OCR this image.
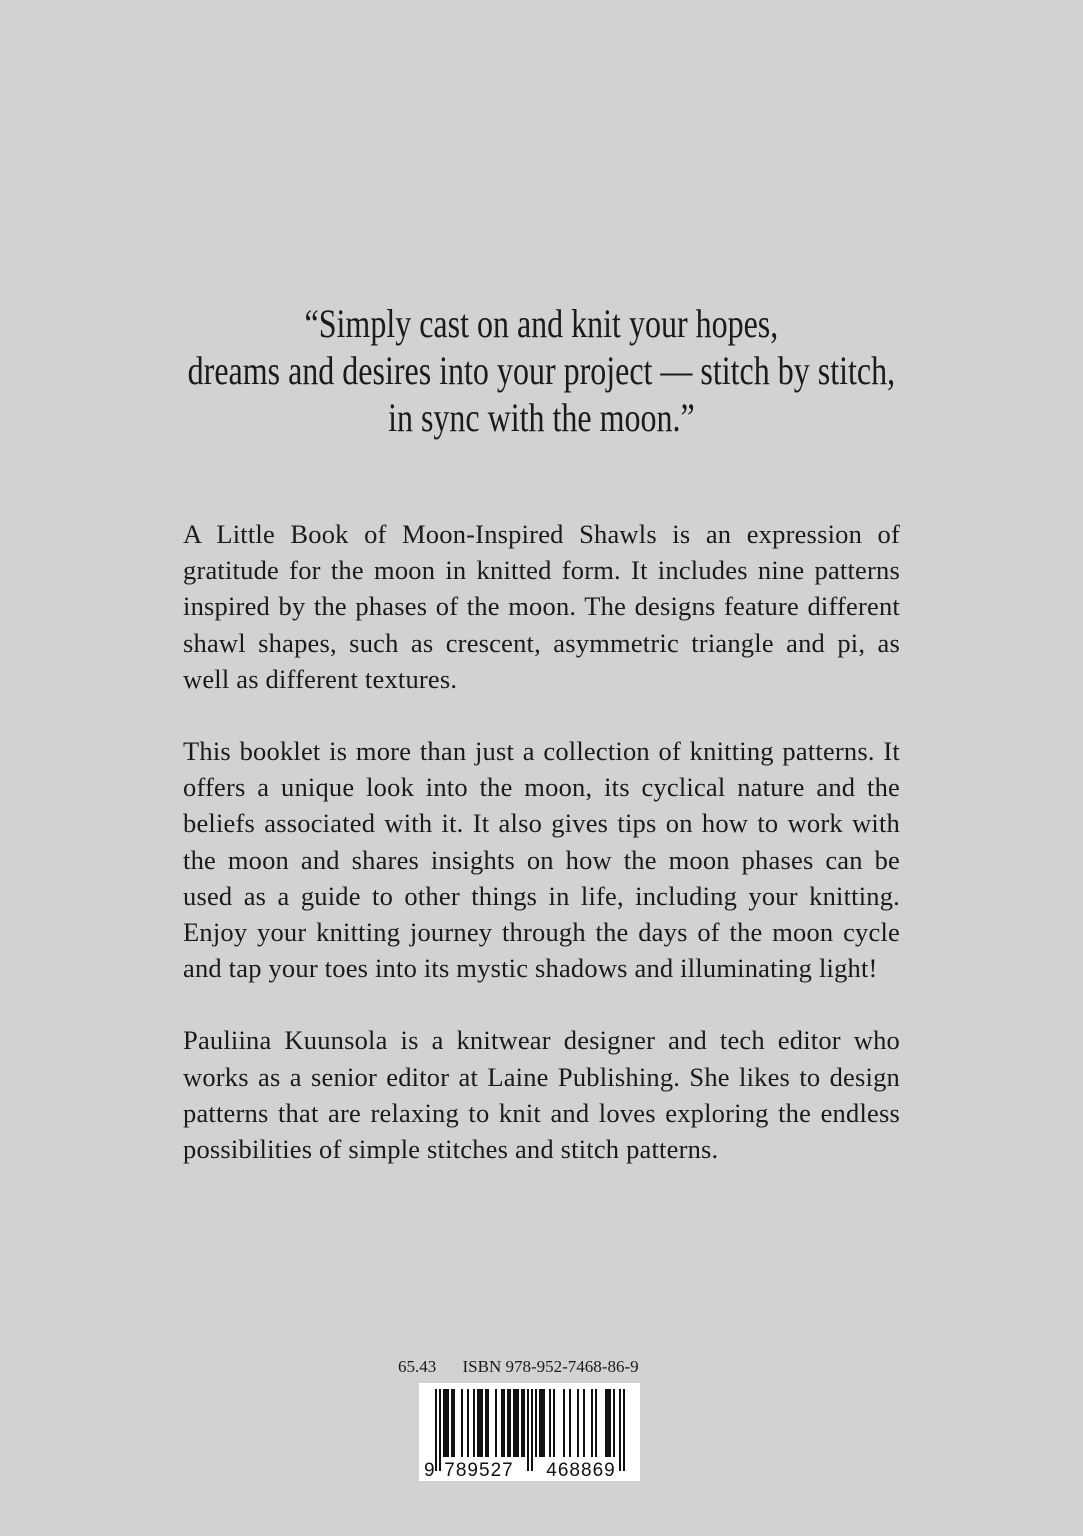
“Simply cast on and knit your hopes,
dreams and desires into your project — stitch by stitch,
in sync with the moon.”

A Little Book of Moon-Inspired Shawls is an expression of gratitude for the moon in knitted form. It includes nine patterns inspired by the phases of the moon. The designs feature different shawl shapes, such as crescent, asymmetric triangle and pi, as well as different textures.

This booklet is more than just a collection of knitting patterns. It offers a unique look into the moon, its cyclical nature and the beliefs associated with it. It also gives tips on how to work with the moon and shares insights on how the moon phases can be used as a guide to other things in life, including your knitting. Enjoy your knitting journey through the days of the moon cycle and tap your toes into its mystic shadows and illuminating light!

Pauliina Kuunsola is a knitwear designer and tech editor who works as a senior editor at Laine Publishing. She likes to design patterns that are relaxing to knit and loves exploring the endless possibilities of simple stitches and stitch patterns.

65.43 ISBN 978-952-7468-86-9
9 789527 468869
